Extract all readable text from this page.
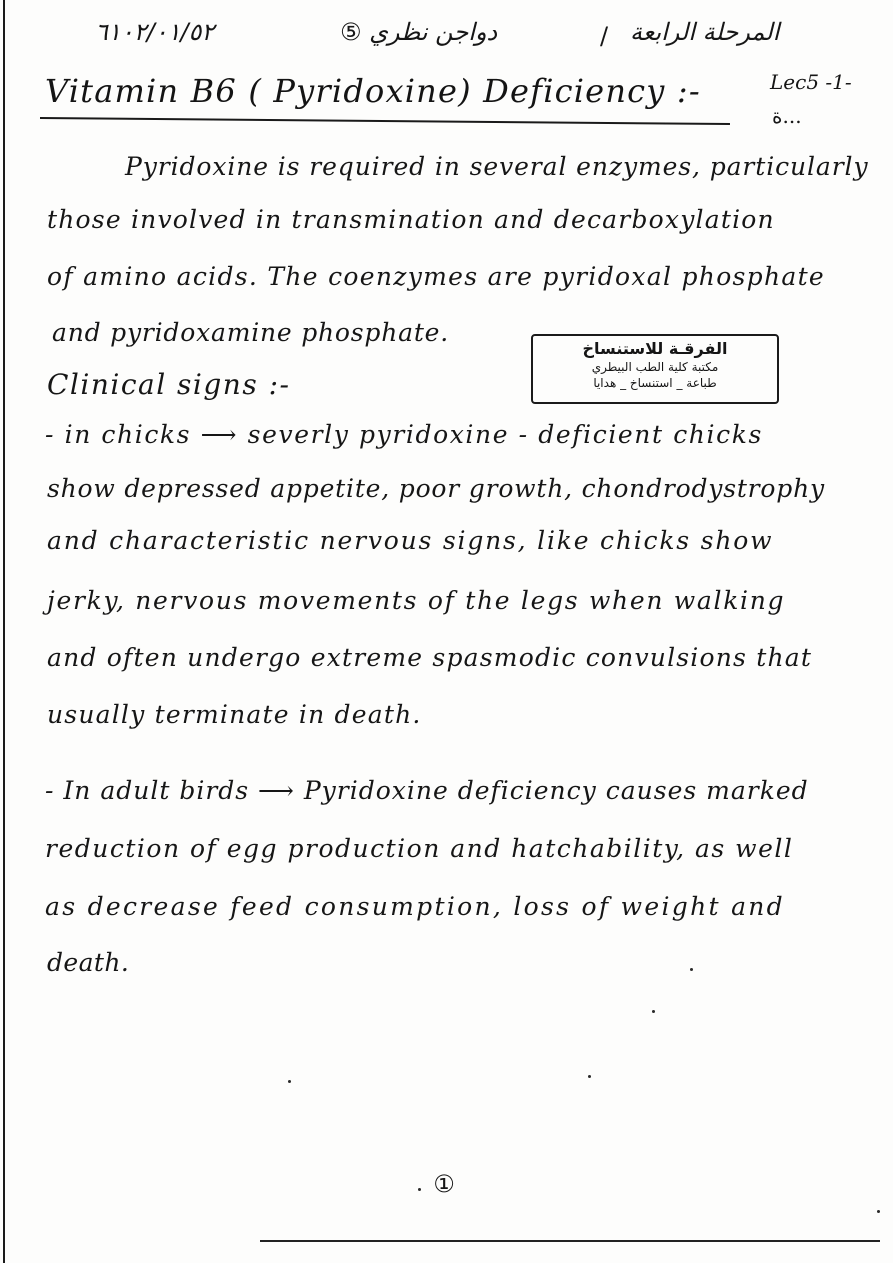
٢٥/١٠/٢٠١٦	دواجن نظري ⑤	/ المرحلة الرابعة
Lec5 -1-
ة...
Vitamin B6 ( Pyridoxine) Deficiency :-
Pyridoxine is required in several enzymes, particularly
those involved in transmination and decarboxylation
of amino acids. The coenzymes are pyridoxal phosphate
and pyridoxamine phosphate.
الفرقـة للاستنساخ
مكتبة كلية الطب البيطري
طباعة _ استنساخ _ هدايا
Clinical signs :-
- in chicks ⟶ severly pyridoxine - deficient chicks
show depressed appetite, poor growth, chondrodystrophy
and characteristic nervous signs, like chicks show
jerky, nervous movements of the legs when walking
and often undergo extreme spasmodic convulsions that
usually terminate in death.
- In adult birds ⟶ Pyridoxine deficiency causes marked
reduction of egg production and hatchability, as well
as decrease feed consumption, loss of weight and
death.
①
